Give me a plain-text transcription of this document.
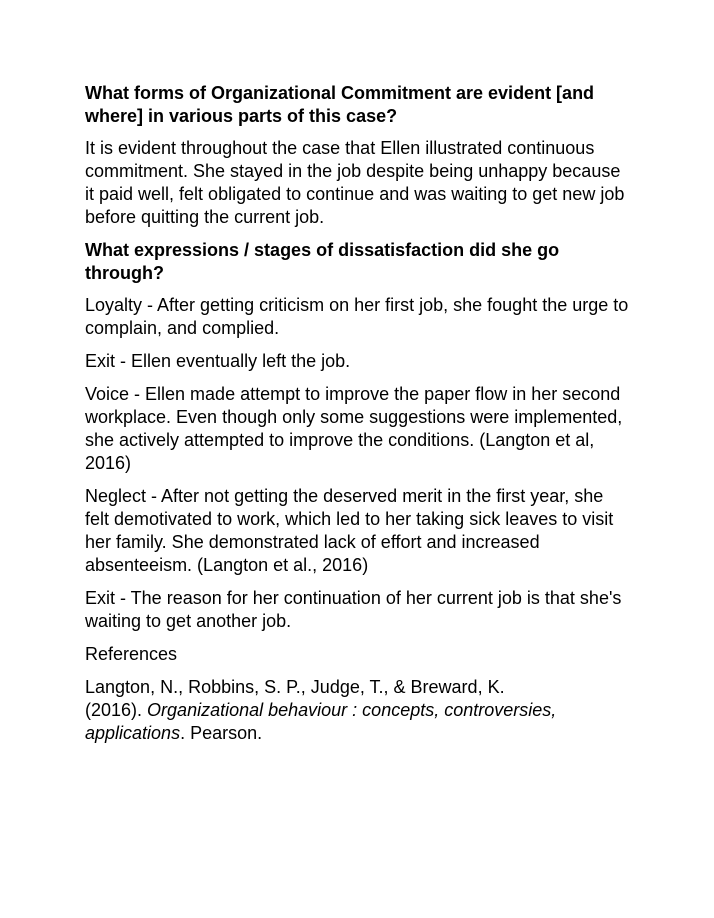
What forms of Organizational Commitment are evident [and where] in various parts of this case?

It is evident throughout the case that Ellen illustrated continuous commitment. She stayed in the job despite being unhappy because it paid well, felt obligated to continue and was waiting to get new job before quitting the current job.

What expressions / stages of dissatisfaction did she go through?

Loyalty - After getting criticism on her first job, she fought the urge to complain, and complied.

Exit - Ellen eventually left the job.

Voice - Ellen made attempt to improve the paper flow in her second workplace. Even though only some suggestions were implemented, she actively attempted to improve the conditions. (Langton et al, 2016)

Neglect - After not getting the deserved merit in the first year, she felt demotivated to work, which led to her taking sick leaves to visit her family. She demonstrated lack of effort and increased absenteeism. (Langton et al., 2016)

Exit - The reason for her continuation of her current job is that she's waiting to get another job.

References

Langton, N., Robbins, S. P., Judge, T., & Breward, K.
(2016). Organizational behaviour : concepts, controversies, applications. Pearson.
